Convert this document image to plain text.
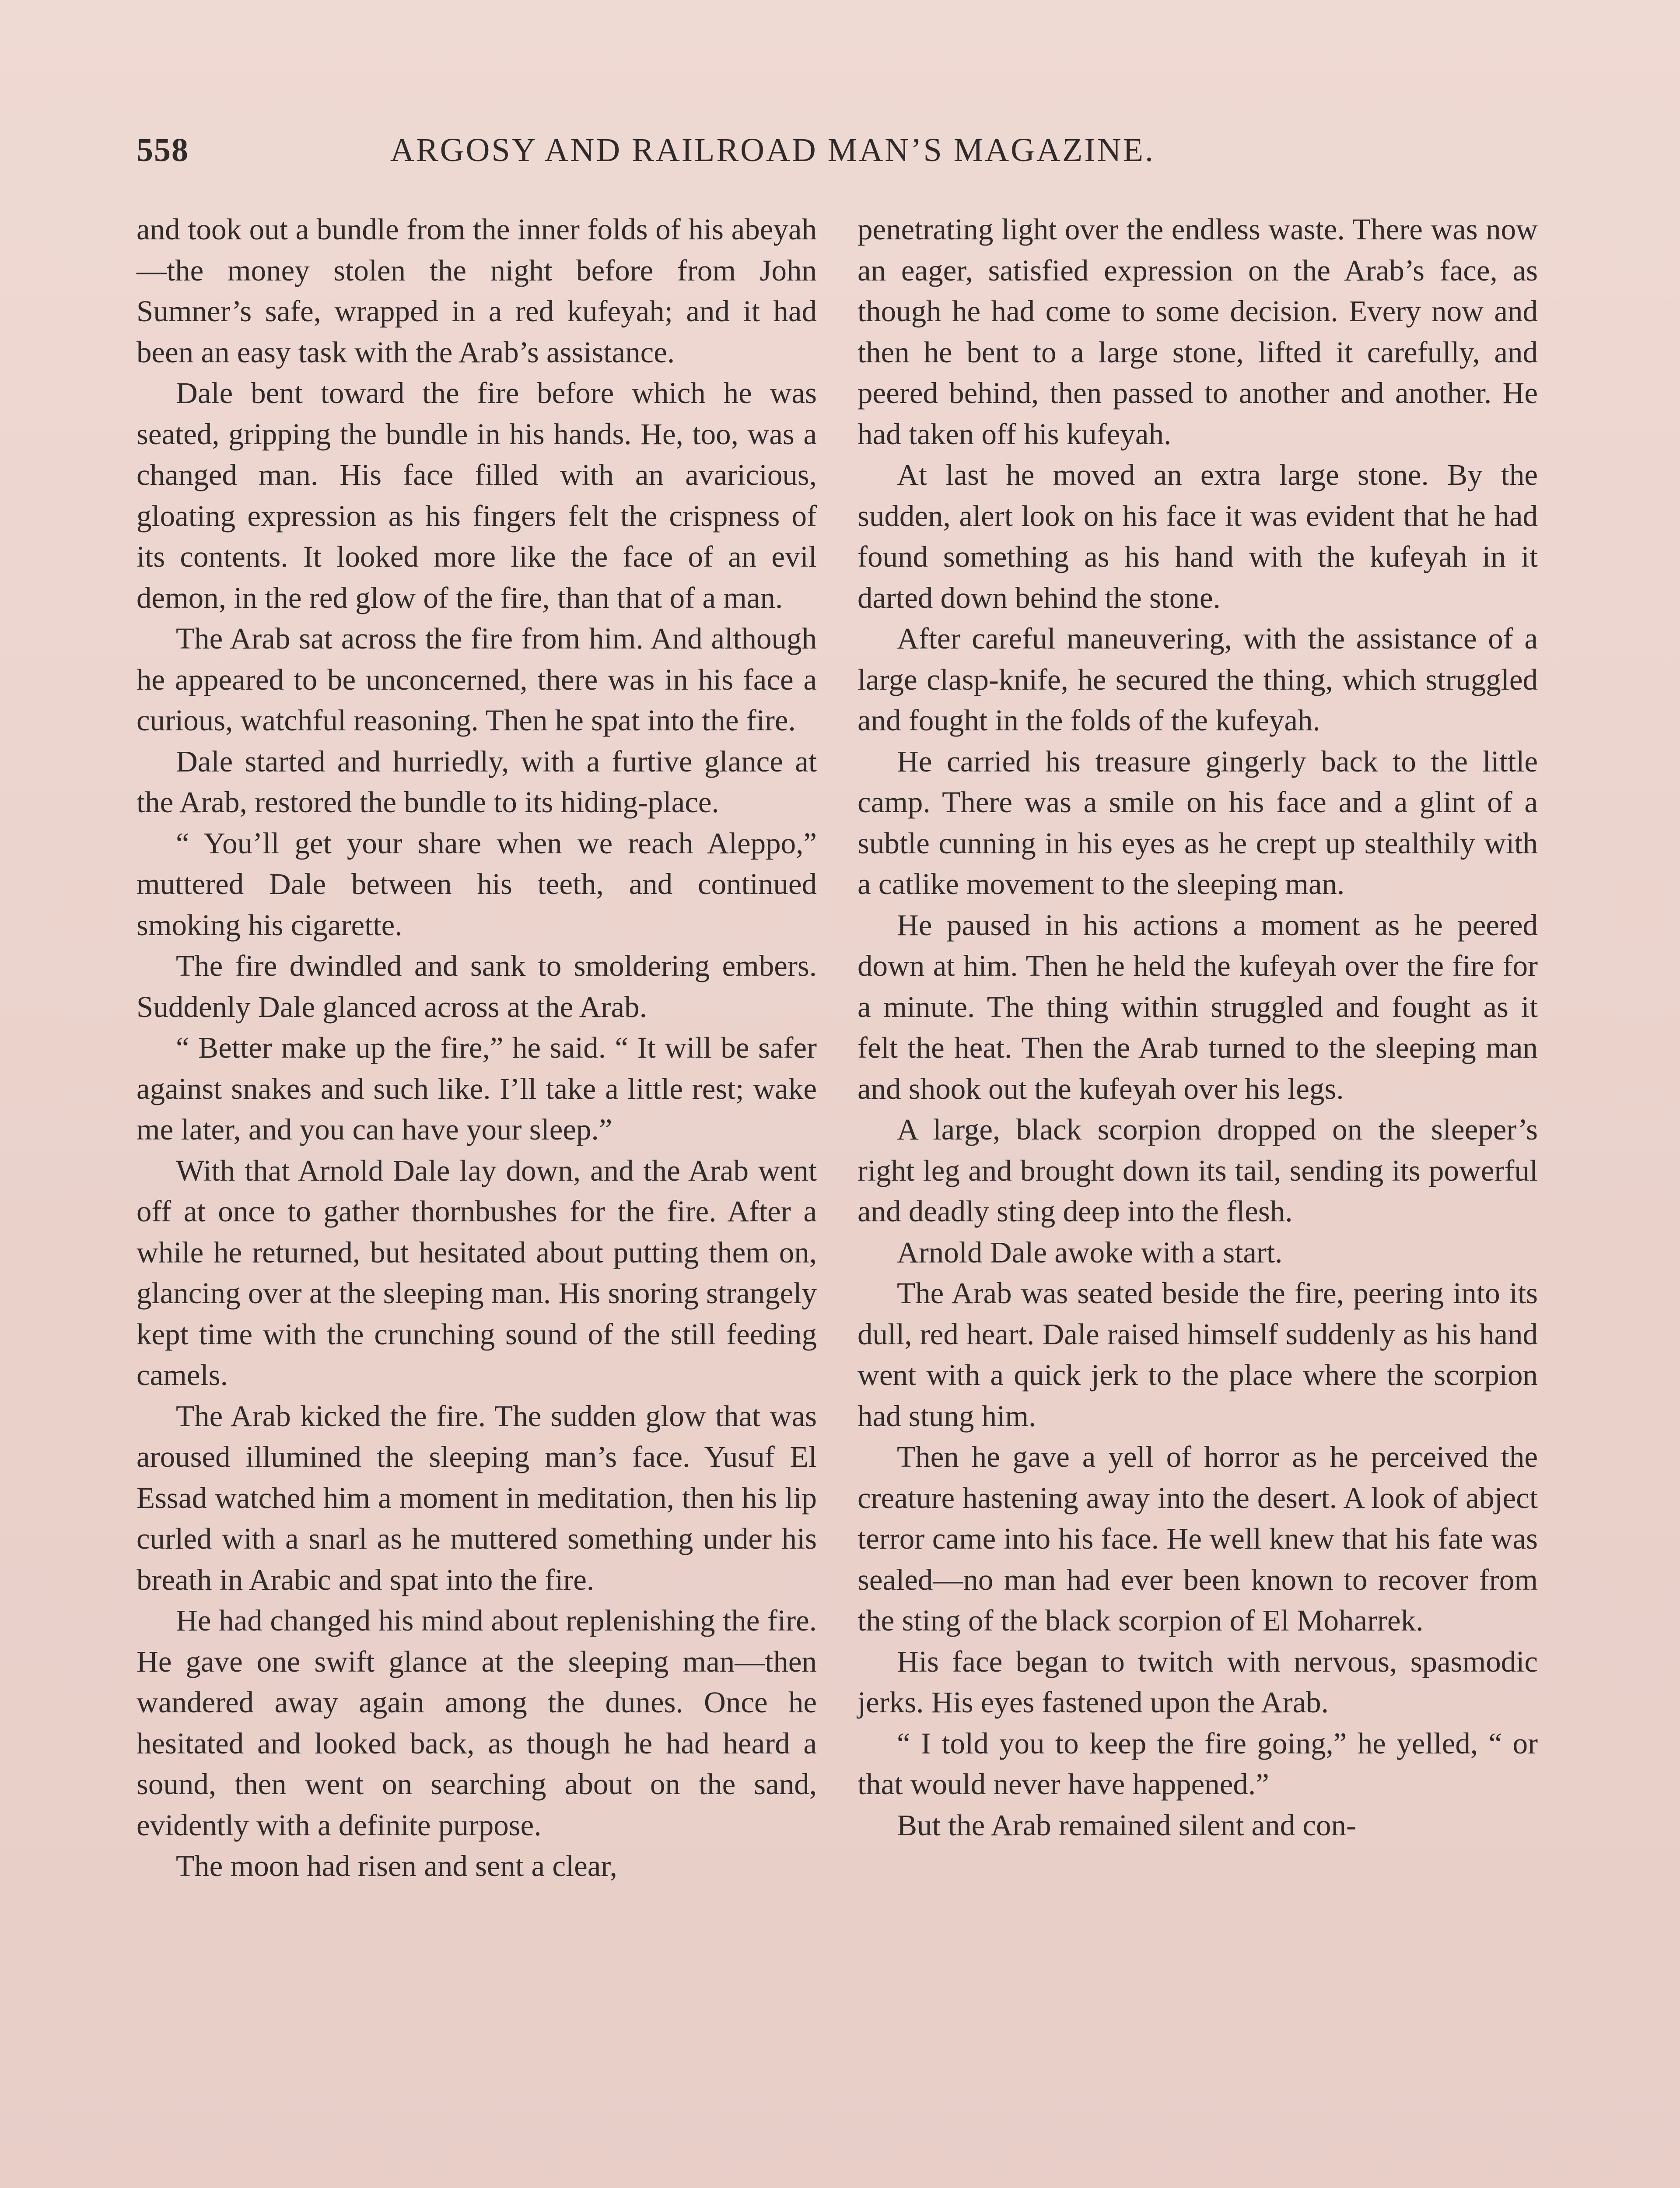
558	ARGOSY AND RAILROAD MAN’S MAGAZINE.

and took out a bundle from the inner folds of his abeyah—the money stolen the night before from John Sumner’s safe, wrapped in a red kufeyah; and it had been an easy task with the Arab’s assistance.

Dale bent toward the fire before which he was seated, gripping the bundle in his hands. He, too, was a changed man. His face filled with an avaricious, gloating expression as his fingers felt the crispness of its contents. It looked more like the face of an evil demon, in the red glow of the fire, than that of a man.

The Arab sat across the fire from him. And although he appeared to be unconcerned, there was in his face a curious, watchful reasoning. Then he spat into the fire.

Dale started and hurriedly, with a furtive glance at the Arab, restored the bundle to its hiding-place.

“ You’ll get your share when we reach Aleppo,” muttered Dale between his teeth, and continued smoking his cigarette.

The fire dwindled and sank to smoldering embers. Suddenly Dale glanced across at the Arab.

“ Better make up the fire,” he said. “ It will be safer against snakes and such like. I’ll take a little rest; wake me later, and you can have your sleep.”

With that Arnold Dale lay down, and the Arab went off at once to gather thornbushes for the fire. After a while he returned, but hesitated about putting them on, glancing over at the sleeping man. His snoring strangely kept time with the crunching sound of the still feeding camels.

The Arab kicked the fire. The sudden glow that was aroused illumined the sleeping man’s face. Yusuf El Essad watched him a moment in meditation, then his lip curled with a snarl as he muttered something under his breath in Arabic and spat into the fire.

He had changed his mind about replenishing the fire. He gave one swift glance at the sleeping man—then wandered away again among the dunes. Once he hesitated and looked back, as though he had heard a sound, then went on searching about on the sand, evidently with a definite purpose.

The moon had risen and sent a clear,

penetrating light over the endless waste. There was now an eager, satisfied expression on the Arab’s face, as though he had come to some decision. Every now and then he bent to a large stone, lifted it carefully, and peered behind, then passed to another and another. He had taken off his kufeyah.

At last he moved an extra large stone. By the sudden, alert look on his face it was evident that he had found something as his hand with the kufeyah in it darted down behind the stone.

After careful maneuvering, with the assistance of a large clasp-knife, he secured the thing, which struggled and fought in the folds of the kufeyah.

He carried his treasure gingerly back to the little camp. There was a smile on his face and a glint of a subtle cunning in his eyes as he crept up stealthily with a catlike movement to the sleeping man.

He paused in his actions a moment as he peered down at him. Then he held the kufeyah over the fire for a minute. The thing within struggled and fought as it felt the heat. Then the Arab turned to the sleeping man and shook out the kufeyah over his legs.

A large, black scorpion dropped on the sleeper’s right leg and brought down its tail, sending its powerful and deadly sting deep into the flesh.

Arnold Dale awoke with a start.

The Arab was seated beside the fire, peering into its dull, red heart. Dale raised himself suddenly as his hand went with a quick jerk to the place where the scorpion had stung him.

Then he gave a yell of horror as he perceived the creature hastening away into the desert. A look of abject terror came into his face. He well knew that his fate was sealed—no man had ever been known to recover from the sting of the black scorpion of El Moharrek.

His face began to twitch with nervous, spasmodic jerks. His eyes fastened upon the Arab.

“ I told you to keep the fire going,” he yelled, “ or that would never have happened.”

But the Arab remained silent and con-
